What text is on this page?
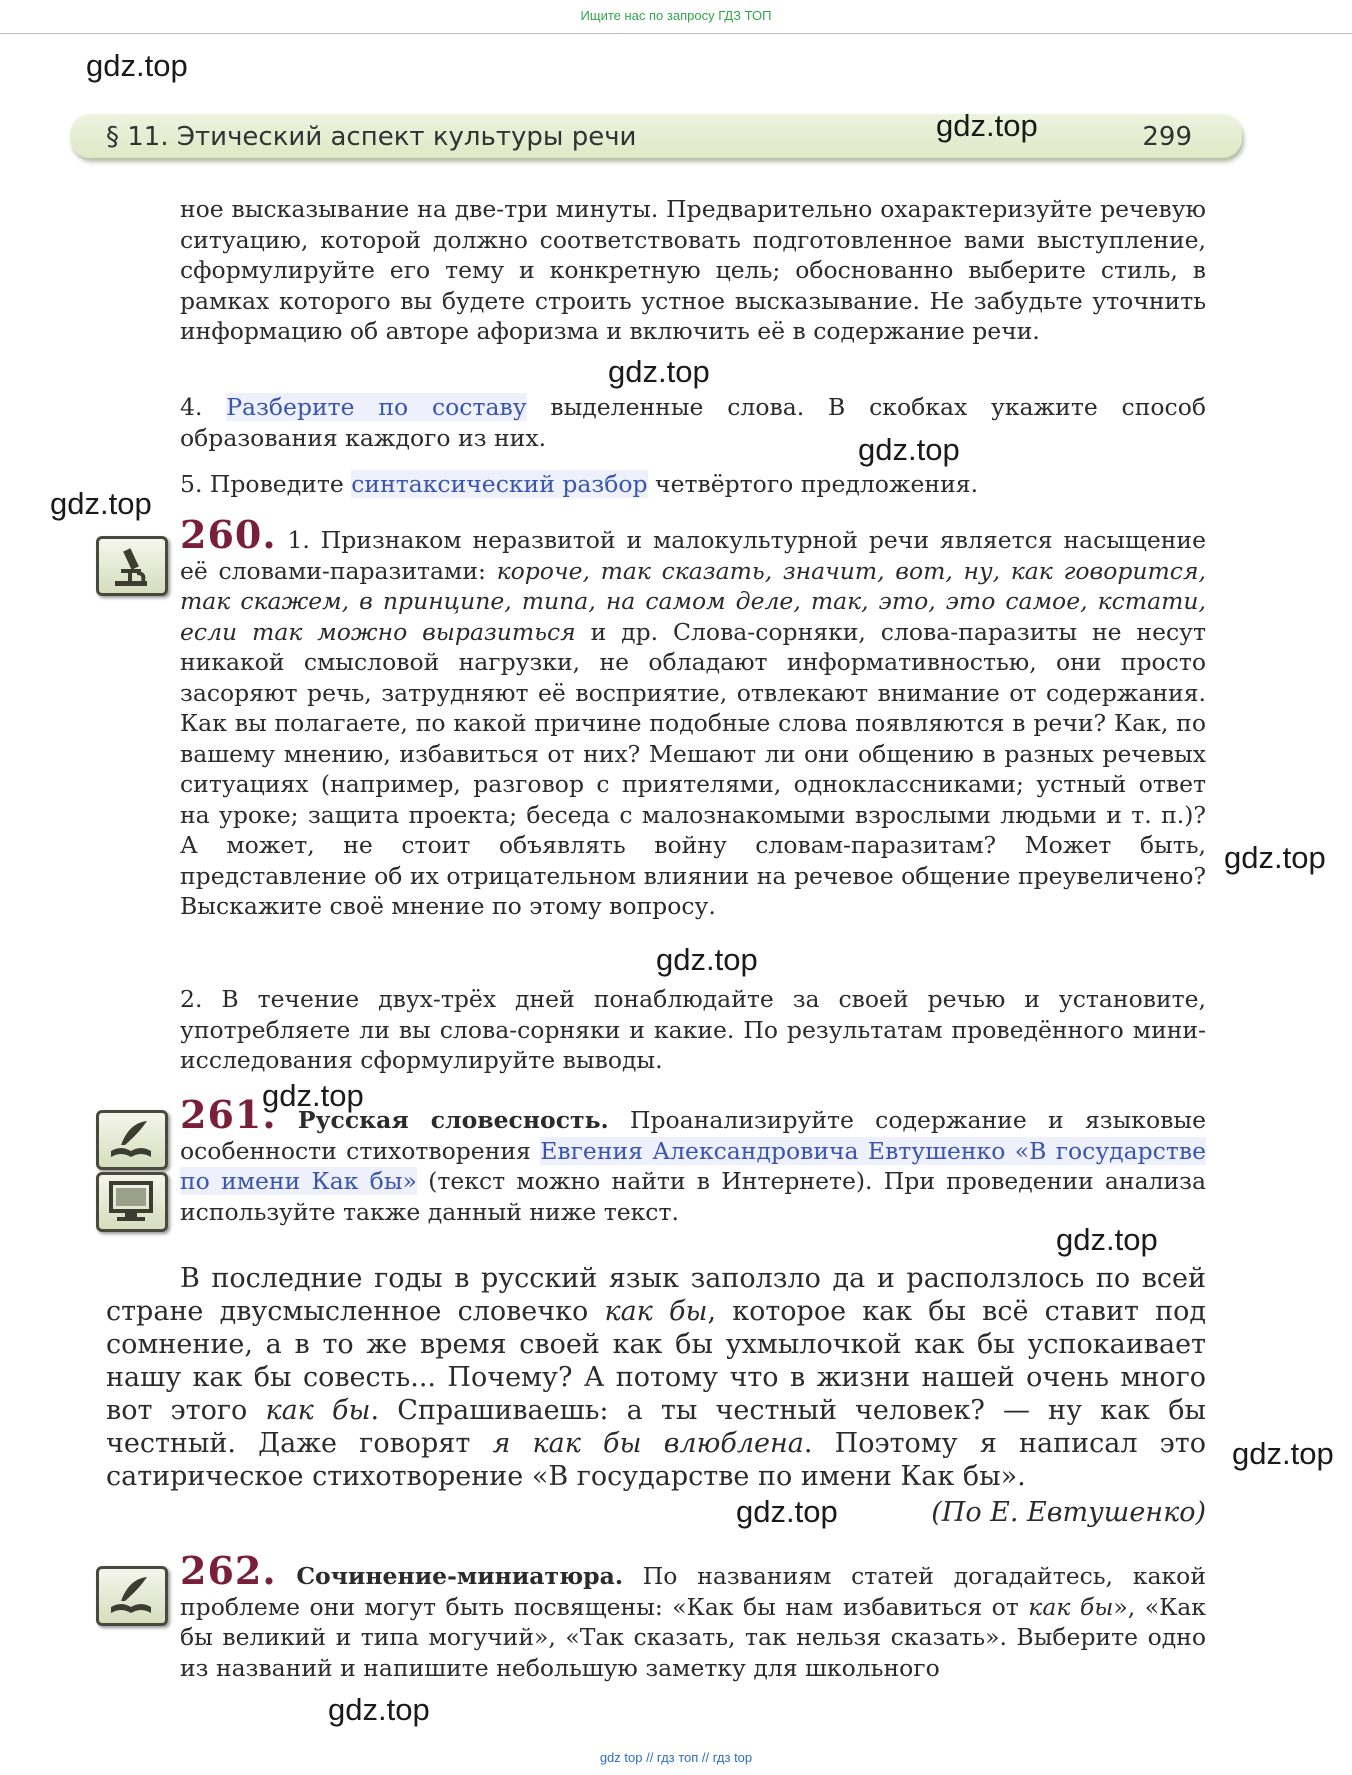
Ищите нас по запросу ГДЗ ТОП
§ 11. Этический аспект культуры речи	299
ное высказывание на две-три минуты. Предварительно охарактеризуйте речевую ситуацию, которой должно соответствовать подготовленное вами выступление, сформулируйте его тему и конкретную цель; обоснованно выберите стиль, в рамках которого вы будете строить устное высказывание. Не забудьте уточнить информацию об авторе афоризма и включить её в содержание речи.
4. Разберите по составу выделенные слова. В скобках укажите способ образования каждого из них.
5. Проведите синтаксический разбор четвёртого предложения.
260. 1. Признаком неразвитой и малокультурной речи является насыщение её словами-паразитами: короче, так сказать, значит, вот, ну, как говорится, так скажем, в принципе, типа, на самом деле, так, это, это самое, кстати, если так можно выразиться и др. Слова-сорняки, слова-паразиты не несут никакой смысловой нагрузки, не обладают информативностью, они просто засоряют речь, затрудняют её восприятие, отвлекают внимание от содержания. Как вы полагаете, по какой причине подобные слова появляются в речи? Как, по вашему мнению, избавиться от них? Мешают ли они общению в разных речевых ситуациях (например, разговор с приятелями, одноклассниками; устный ответ на уроке; защита проекта; беседа с малознакомыми взрослыми людьми и т. п.)? А может, не стоит объявлять войну словам-паразитам? Может быть, представление об их отрицательном влиянии на речевое общение преувеличено? Выскажите своё мнение по этому вопросу.
2. В течение двух-трёх дней понаблюдайте за своей речью и установите, употребляете ли вы слова-сорняки и какие. По результатам проведённого мини-исследования сформулируйте выводы.
261. Русская словесность. Проанализируйте содержание и языковые особенности стихотворения Евгения Александровича Евтушенко «В государстве по имени Как бы» (текст можно найти в Интернете). При проведении анализа используйте также данный ниже текст.
В последние годы в русский язык заползло да и расползлось по всей стране двусмысленное словечко как бы, которое как бы всё ставит под сомнение, а в то же время своей как бы ухмылочкой как бы успокаивает нашу как бы совесть... Почему? А потому что в жизни нашей очень много вот этого как бы. Спрашиваешь: а ты честный человек? — ну как бы честный. Даже говорят я как бы влюблена. Поэтому я написал это сатирическое стихотворение «В государстве по имени Как бы».
(По Е. Евтушенко)
262. Сочинение-миниатюра. По названиям статей догадайтесь, какой проблеме они могут быть посвящены: «Как бы нам избавиться от как бы», «Как бы великий и типа могучий», «Так сказать, так нельзя сказать». Выберите одно из названий и напишите небольшую заметку для школьного
gdz.top
gdz.top
gdz.top
gdz.top
gdz.top
gdz.top
gdz.top
gdz.top
gdz.top
gdz.top
gdz.top
gdz.top
gdz top // гдз топ // гдз top
